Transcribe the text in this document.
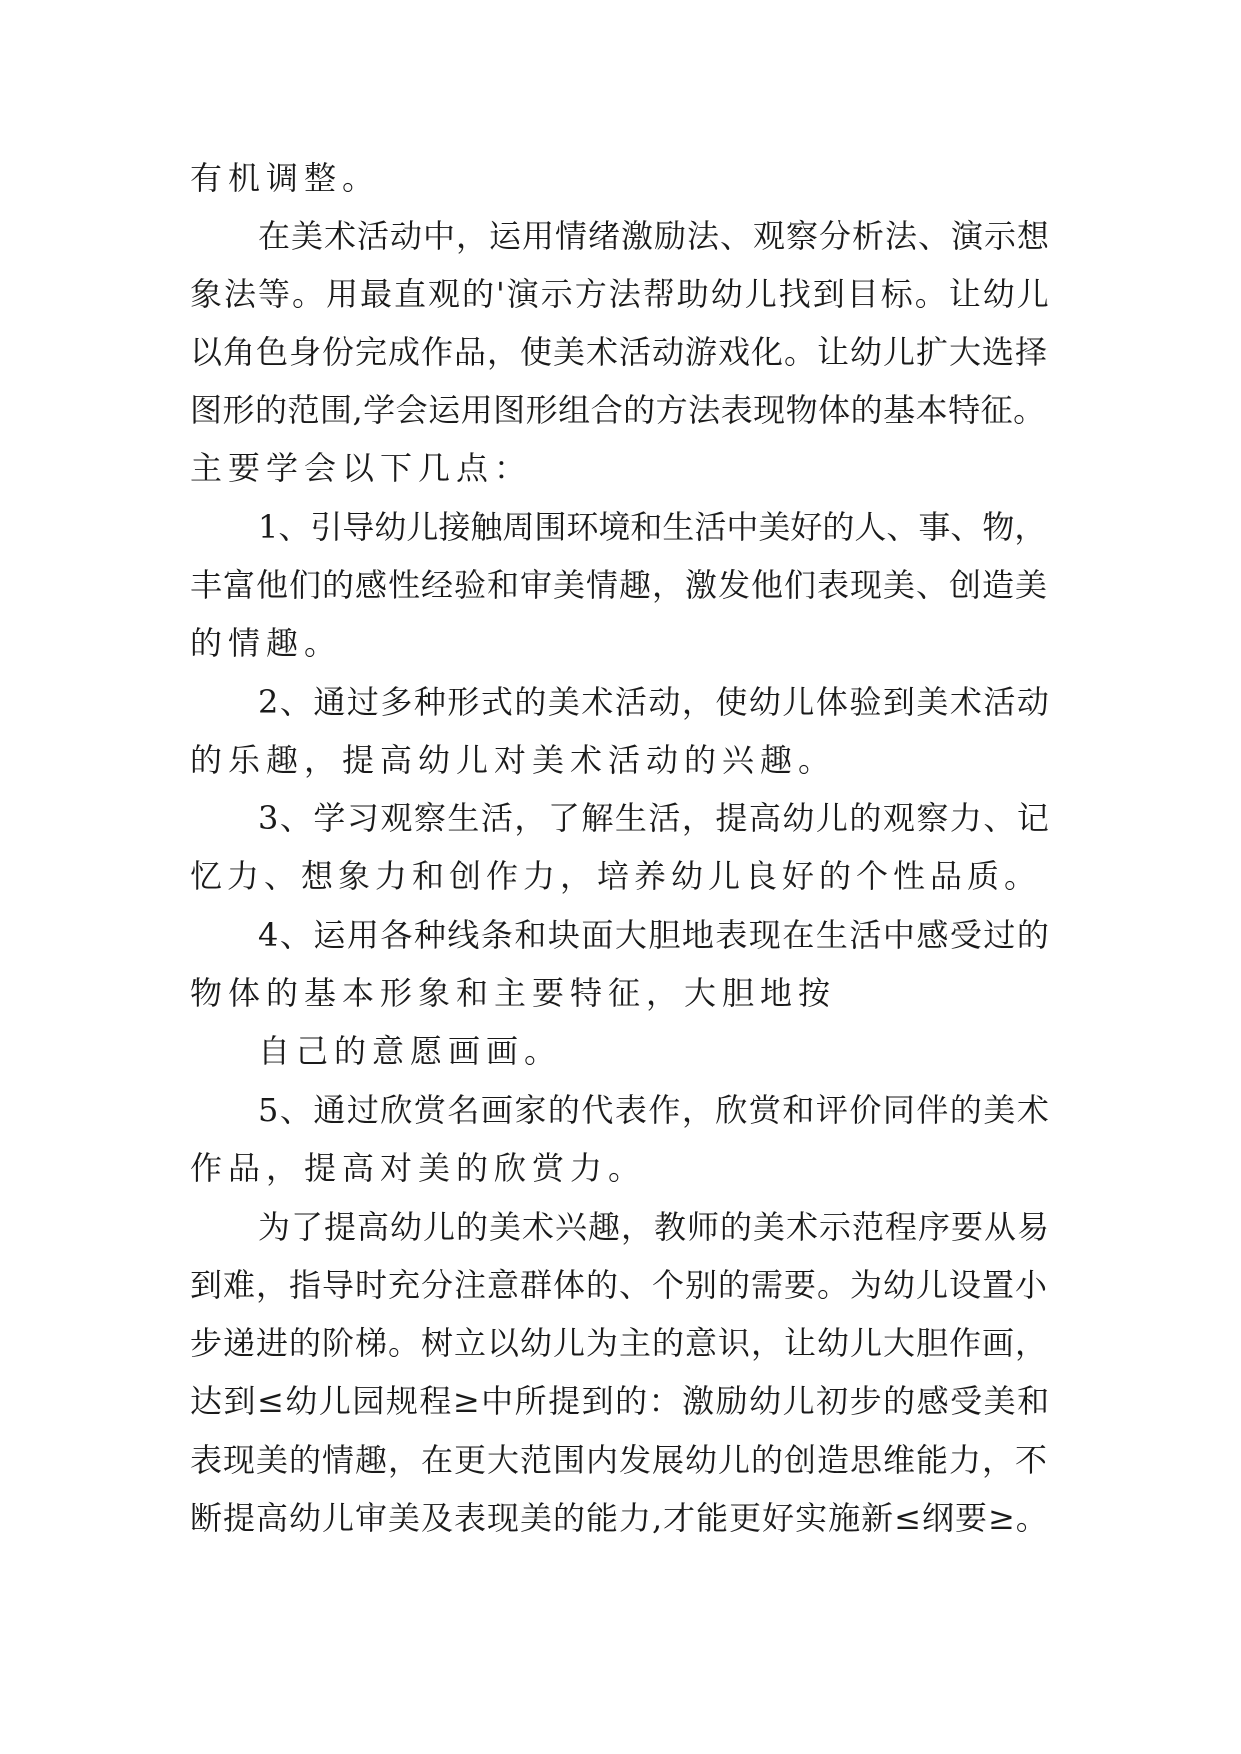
有机调整。
在美术活动中，运用情绪激励法、观察分析法、演示想
象法等。用最直观的'演示方法帮助幼儿找到目标。让幼儿
以角色身份完成作品，使美术活动游戏化。让幼儿扩大选择
图形的范围,学会运用图形组合的方法表现物体的基本特征。
主要学会以下几点：
1、引导幼儿接触周围环境和生活中美好的人、事、物，
丰富他们的感性经验和审美情趣，激发他们表现美、创造美
的情趣。
2、通过多种形式的美术活动，使幼儿体验到美术活动
的乐趣，提高幼儿对美术活动的兴趣。
3、学习观察生活，了解生活，提高幼儿的观察力、记
忆力、想象力和创作力，培养幼儿良好的个性品质。
4、运用各种线条和块面大胆地表现在生活中感受过的
物体的基本形象和主要特征，大胆地按
自己的意愿画画。
5、通过欣赏名画家的代表作，欣赏和评价同伴的美术
作品，提高对美的欣赏力。
为了提高幼儿的美术兴趣，教师的美术示范程序要从易
到难，指导时充分注意群体的、个别的需要。为幼儿设置小
步递进的阶梯。树立以幼儿为主的意识，让幼儿大胆作画，
达到≤幼儿园规程≥中所提到的：激励幼儿初步的感受美和
表现美的情趣，在更大范围内发展幼儿的创造思维能力，不
断提高幼儿审美及表现美的能力,才能更好实施新≤纲要≥。
